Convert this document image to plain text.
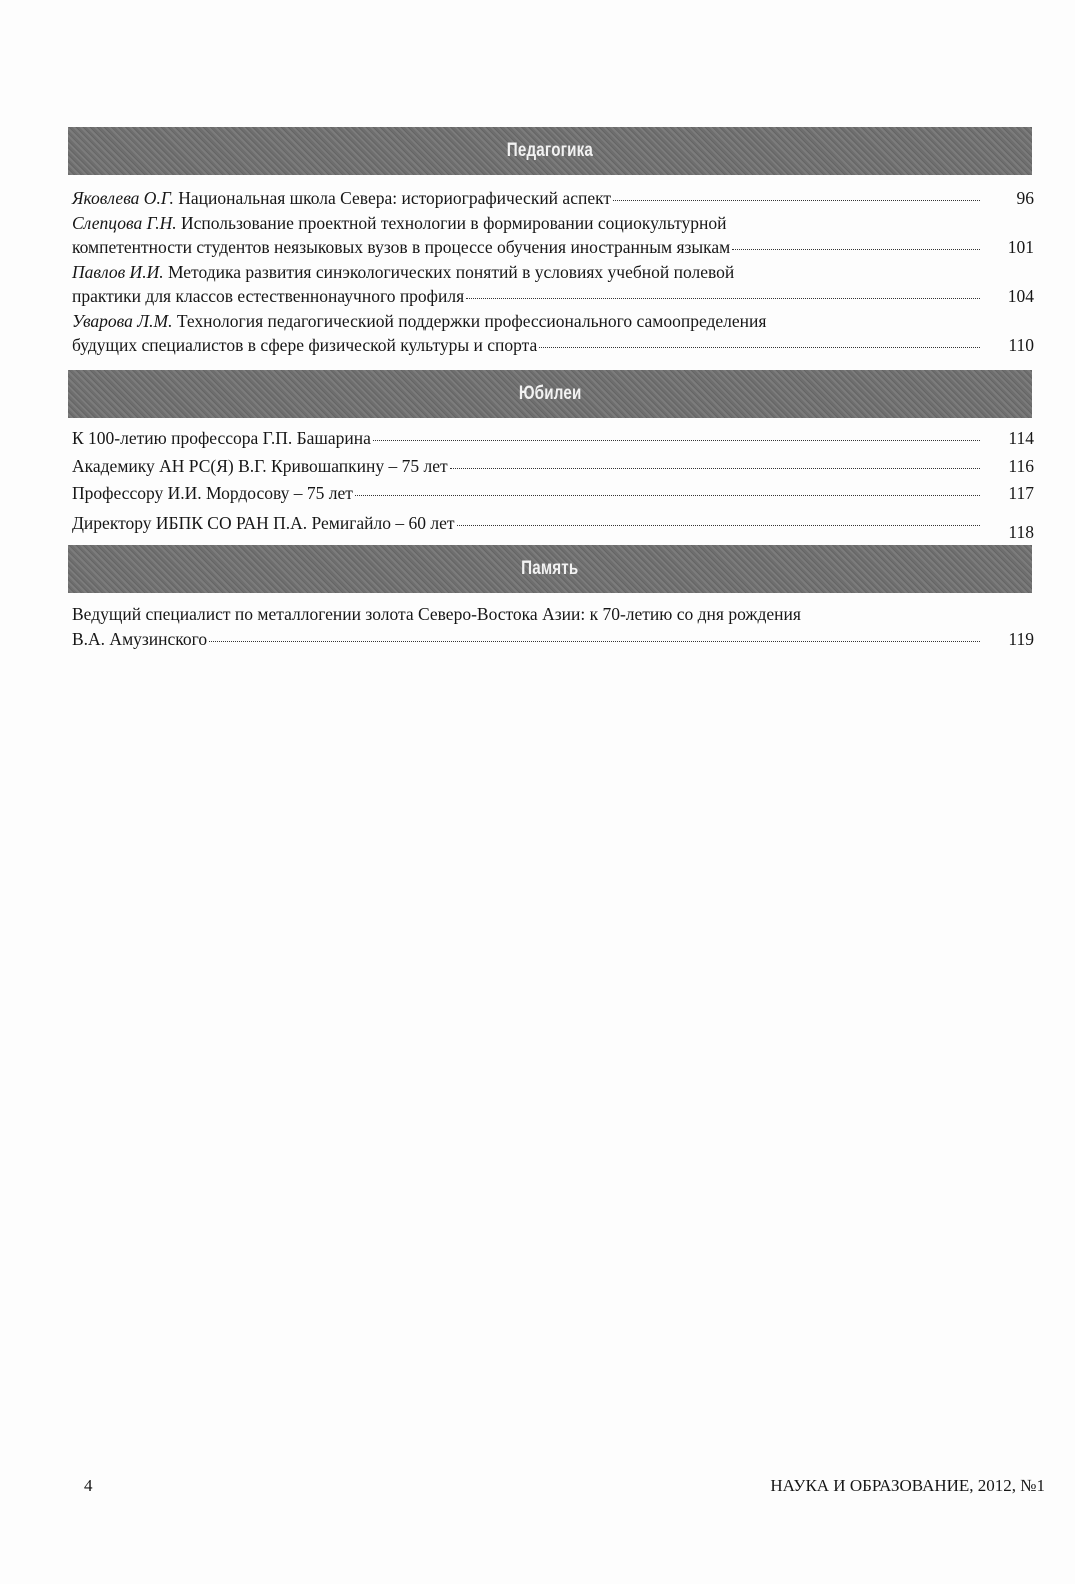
Педагогика
Яковлева О.Г. Национальная школа Севера: историографический аспект	96
Слепцова Г.Н. Использование проектной технологии в формировании социокультурной
компетентности студентов неязыковых вузов в процессе обучения иностранным языкам	101
Павлов И.И. Методика развития синэкологических понятий в условиях учебной полевой
практики для классов естественнонаучного профиля	104
Уварова Л.М. Технология педагогическиой поддержки профессионального самоопределения
будущих специалистов в сфере физической культуры и спорта	110
Юбилеи
К 100-летию профессора Г.П. Башарина	114
Академику АН РС(Я) В.Г. Кривошапкину – 75 лет	116
Профессору И.И. Мордосову – 75 лет	117
Директору ИБПК СО РАН П.А. Ремигайло – 60 лет	118
Память
Ведущий специалист по металлогении золота Северо-Востока Азии: к 70-летию со дня рождения
В.А. Амузинского	119
4	НАУКА И ОБРАЗОВАНИЕ, 2012, №1
